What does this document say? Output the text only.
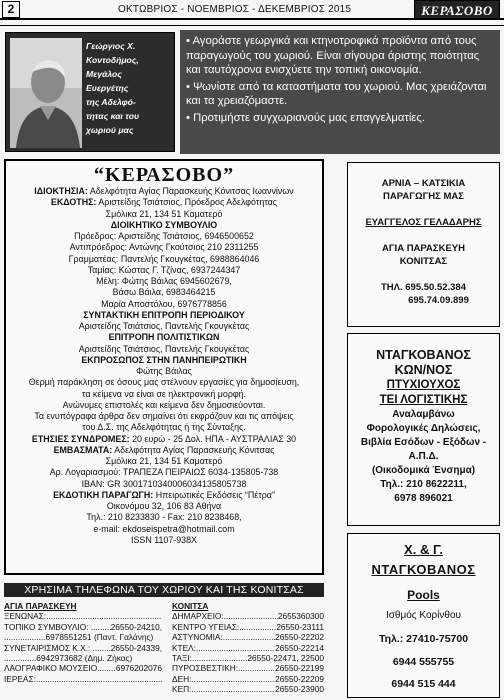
2	ΟΚΤΩΒΡΙΟΣ - ΝΟΕΜΒΡΙΟΣ - ΔΕΚΕΜΒΡΙΟΣ 2015	ΚΕΡΑΣΟΒΟ
Γεώργιος Χ.
Κοντοδήμος,
Μεγάλος
Ευεργέτης
της Αδελφό-
τητας και του
χωριού μας

• Αγοράστε γεωργικά και κτηνοτροφικά προϊόντα από τους παραγωγούς του χωριού. Είναι σίγουρα άριστης ποιότητας και ταυτόχρονα ενισχύετε την τοπική οικονομία.

• Ψωνίστε από τα καταστήματα του χωριού. Μας χρειάζονται και τα χρειαζόμαστε.

• Προτιμήστε συγχωριανούς μας επαγγελματίες.

“ΚΕΡΑΣΟΒΟ”
ΙΔΙΟΚΤΗΣΙΑ: Αδελφότητα Αγίας Παρασκευής Κόνιτσας Ιωαννίνων
ΕΚΔΟΤΗΣ: Αριστείδης Τσιάτσιος, Πρόεδρος Αδελφότητας
Σμόλικα 21, 134 51 Καματερό
ΔΙΟΙΚΗΤΙΚΟ ΣΥΜΒΟΥΛΙΟ
Πρόεδρος: Αριστείδης Τσιάτσιος, 6946500652
Αντιπρόεδρος: Αντώνης Γκούτσιος 210 2311255
Γραμματέας: Παντελής Γκουγκέτας, 6988864046
Ταμίας: Κώστας Γ. Τζίνας, 6937244347
Μέλη: Φώτης Βάιλας 6945602679,
Βάσω Βάιλα, 6983464215
Μαρία Αποστόλου, 6976778856
ΣΥΝΤΑΚΤΙΚΗ ΕΠΙΤΡΟΠΗ ΠΕΡΙΟΔΙΚΟΥ
Αριστείδης Τσιάτσιος, Παντελής Γκουγκέτας
ΕΠΙΤΡΟΠΗ ΠΟΛΙΤΙΣΤΙΚΩΝ
Αριστείδης Τσιάτσιος, Παντελής Γκουγκέτας
ΕΚΠΡΟΣΩΠΟΣ ΣΤΗΝ ΠΑΝΗΠΕΙΡΩΤΙΚΗ
Φώτης Βάιλας
Θερμή παράκληση σε όσους μας στέλνουν εργασίες για δημοσίευση,
τα κείμενα να είναι σε ηλεκτρονική μορφή.
Ανώνυμες επιστολές και κείμενα δεν δημοσιεύονται.
Τα ενυπόγραφα άρθρα δεν σημαίνει ότι εκφράζουν και τις απόψεις
του Δ.Σ. της Αδελφότητας ή της Σύνταξης.
ΕΤΗΣΙΕΣ ΣΥΝΔΡΟΜΕΣ: 20 ευρώ - 25 Δολ. ΗΠΑ - ΑΥΣΤΡΑΛΙΑΣ 30
ΕΜΒΑΣΜΑΤΑ: Αδελφότητα Αγίας Παρασκευής Κόνιτσας
Σμόλικα 21, 134 51 Καματερό
Αρ. Λογαριασμού: ΤΡΑΠΕΖΑ ΠΕΙΡΑΙΩΣ 6034-135805-738
IBAN: GR 3001710340006034135805738
ΕΚΔΟΤΙΚΗ ΠΑΡΑΓΩΓΗ: Ηπειρωτικές Εκδόσεις “Πέτρα”
Οικονόμου 32, 106 83 Αθήνα
Τηλ.: 210 8233830 - Fax: 210 8238468,
e-mail: ekdoseispetra@hotmail.com
ISSN 1107-938X
ΑΡΝΙΑ – ΚΑΤΣΙΚΙΑ
ΠΑΡΑΓΩΓΗΣ ΜΑΣ
ΕΥΑΓΓΕΛΟΣ ΓΕΛΑΔΑΡΗΣ
ΑΓΙΑ ΠΑΡΑΣΚΕΥΗ
ΚΟΝΙΤΣΑΣ
ΤΗΛ. 695.50.52.384
695.74.09.899
ΝΤΑΓΚΟΒΑΝΟΣ
ΚΩΝ/ΝΟΣ
ΠΤΥΧΙΟΥΧΟΣ
ΤΕΙ ΛΟΓΙΣΤΙΚΗΣ
Αναλαμβάνω
Φορολογικές Δηλώσεις,
Βιβλία Εσόδων - Εξόδων -
Α.Π.Δ.
(Οικοδομικά Ένσημα)
Τηλ.: 210 8622211,
6978 896021
Χ. & Γ.
ΝΤΑΓΚΟΒΑΝΟΣ
Pools
Ισθμός Κορίνθου
Τηλ.: 27410-75700
6944 555755
6944 515 444
ΧΡΗΣΙΜΑ ΤΗΛΕΦΩΝΑ ΤΟΥ ΧΩΡΙΟΥ ΚΑΙ ΤΗΣ ΚΟΝΙΤΣΑΣ
ΑΓΙΑ ΠΑΡΑΣΚΕΥΗ
ΞΕΝΩΝΑΣ:
.....
ΤΟΠΙΚΟ ΣΥΜΒΟΥΛΙΟ: .... ..... 26550-24210,
..................6978551251 (Παντ. Γαλάνης)
ΣΥΝΕΤΑΙΡΙΣΜΟΣ Κ.Χ.: .... ..... 26550-24339,
..............6942973682 (Δημ. Ζήκας)
ΛΑΟΓΡΑΦΙΚΟ ΜΟΥΣΕΙΟ ..... 6976202076
ΙΕΡΕΑΣ:
.....
ΚΟΝΙΤΣΑ
ΔΗΜΑΡΧΕΙΟ: .....	2655360300
ΚΕΝΤΡΟ ΥΓΕΙΑΣ: .....	26550-23111
ΑΣΤΥΝΟΜΙΑ: .....	26550-22202
ΚΤΕΛ: .....	26550-22214
ΤΑΞΙ: .....	26550-22471, 22500
ΠΥΡΟΣΒΕΣΤΙΚΗ: .....	26550-22199
ΔΕΗ: .....	26550-22209
ΚΕΠ: .....	26550-23900
